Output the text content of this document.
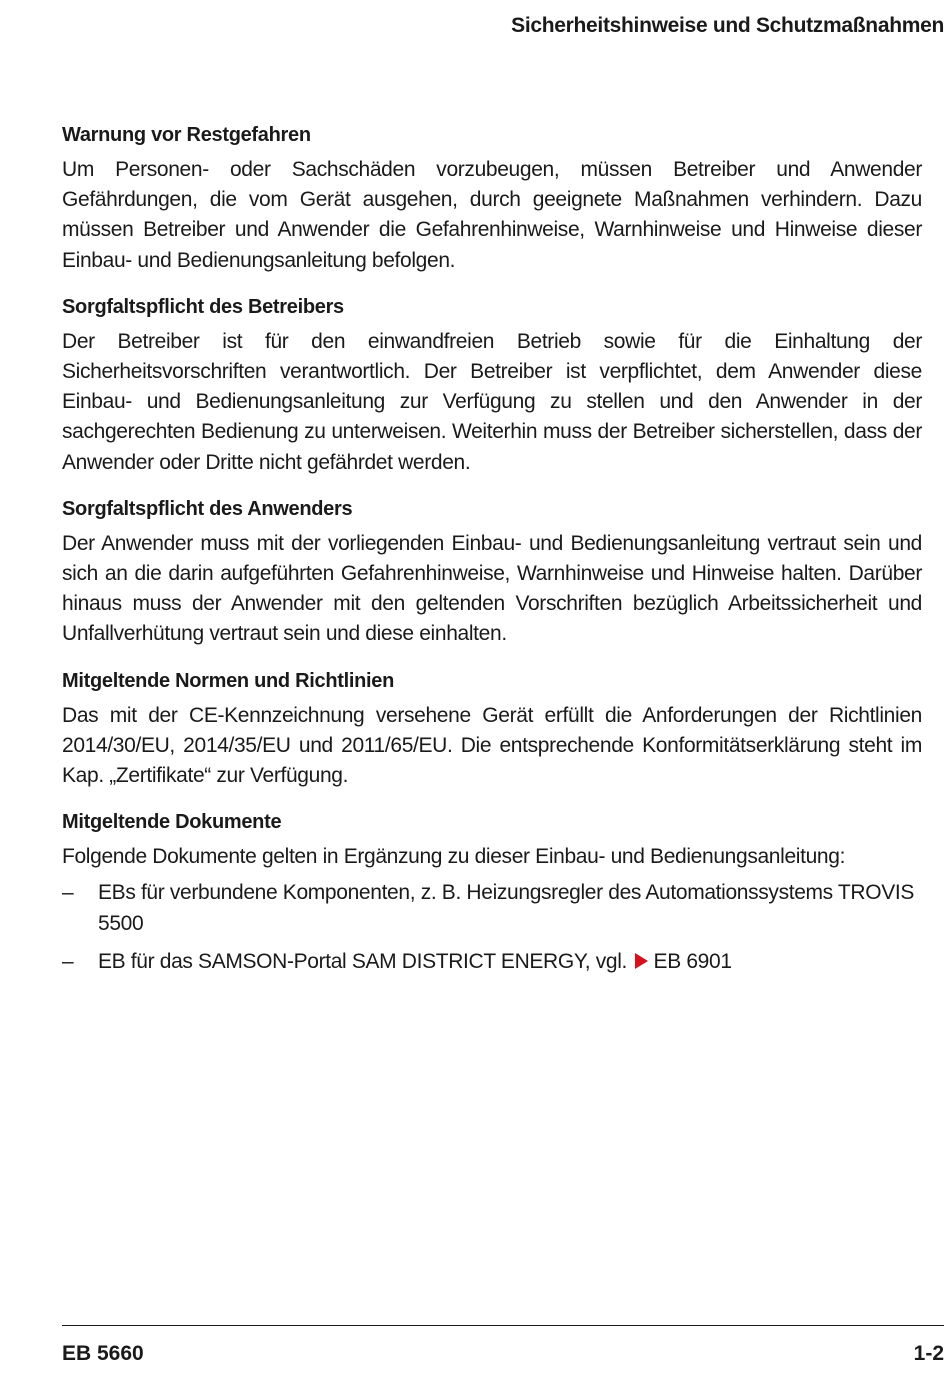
Sicherheitshinweise und Schutzmaßnahmen
Warnung vor Restgefahren

Um Personen- oder Sachschäden vorzubeugen, müssen Betreiber und Anwender Gefährdungen, die vom Gerät ausgehen, durch geeignete Maßnahmen verhindern. Dazu müssen Betreiber und Anwender die Gefahrenhinweise, Warnhinweise und Hinweise dieser Einbau- und Bedienungsanleitung befolgen.

Sorgfaltspflicht des Betreibers

Der Betreiber ist für den einwandfreien Betrieb sowie für die Einhaltung der Sicherheitsvorschriften verantwortlich. Der Betreiber ist verpflichtet, dem Anwender diese Einbau- und Bedienungsanleitung zur Verfügung zu stellen und den Anwender in der sachgerechten Bedienung zu unterweisen. Weiterhin muss der Betreiber sicherstellen, dass der Anwender oder Dritte nicht gefährdet werden.

Sorgfaltspflicht des Anwenders

Der Anwender muss mit der vorliegenden Einbau- und Bedienungsanleitung vertraut sein und sich an die darin aufgeführten Gefahrenhinweise, Warnhinweise und Hinweise halten. Darüber hinaus muss der Anwender mit den geltenden Vorschriften bezüglich Arbeitssicherheit und Unfallverhütung vertraut sein und diese einhalten.

Mitgeltende Normen und Richtlinien

Das mit der CE-Kennzeichnung versehene Gerät erfüllt die Anforderungen der Richtlinien 2014/30/EU, 2014/35/EU und 2011/65/EU. Die entsprechende Konformitätserklärung steht im Kap. „Zertifikate“ zur Verfügung.

Mitgeltende Dokumente

Folgende Dokumente gelten in Ergänzung zu dieser Einbau- und Bedienungsanleitung:

– EBs für verbundene Komponenten, z. B. Heizungsregler des Automationssystems TROVIS 5500
– EB für das SAMSON-Portal SAM DISTRICT ENERGY, vgl. EB 6901
EB 5660	1-2
